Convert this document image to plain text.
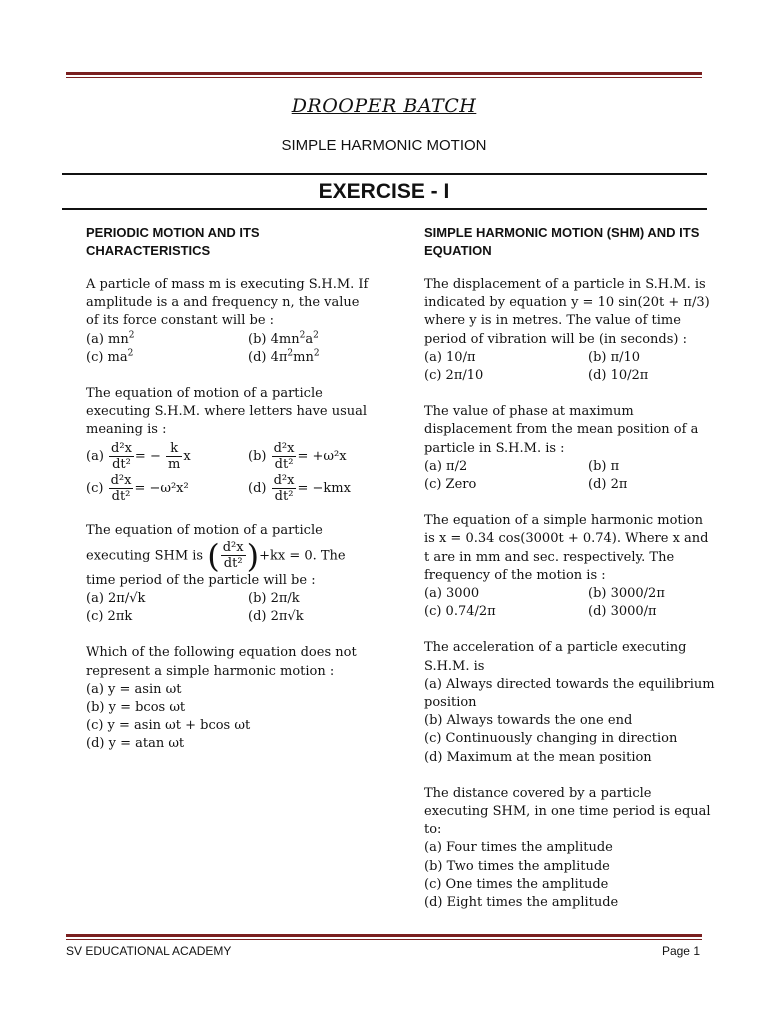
DROOPER BATCH
SIMPLE HARMONIC MOTION
EXERCISE - I
PERIODIC MOTION AND ITS CHARACTERISTICS
A particle of mass m is executing S.H.M. If amplitude is a and frequency n, the value of its force constant will be :
(a) $mn^2$	(b) $4mn^2a^2$
(c) $ma^2$	(d) $4\pi^2mn^2$
The equation of motion of a particle executing S.H.M. where letters have usual meaning is :
$(a) \frac{\text{d²x}}{\text{dt²}}$ = − $\frac{k}{m}$ x	$(b) \frac{\text{d²x}}{\text{dt²}} = +\omega^2x$
$(c) \frac{\text{d²x}}{\text{dt²}} = -\omega^2x^2$	$(d) \frac{\text{d²x}}{\text{dt²}} = -kmx$
The equation of motion of a particle
executing SHM is ( $\frac{\text{d²x}}{\text{dt²}} )+kx = 0$. The
time period of the particle will be :
(a) 2π/√k	(b) 2π/k
(c) 2πk	(d) 2π√k
Which of the following equation does not represent a simple harmonic motion :
(a) y = asin ωt
(b) y = bcos ωt
(c) y = asin ωt + bcos ωt
(d) y = atan ωt
SIMPLE HARMONIC MOTION (SHM) AND ITS EQUATION
The displacement of a particle in S.H.M. is indicated by equation y = 10 sin(20t + π/3) where y is in metres. The value of time period of vibration will be (in seconds) :
(a) 10/π	(b) π/10
(c) 2π/10	(d) 10/2π
The value of phase at maximum displacement from the mean position of a particle in S.H.M. is :
(a) π/2	(b) π
(c) Zero	(d) 2π
The equation of a simple harmonic motion is x = 0.34 cos(3000t + 0.74). Where x and t are in mm and sec. respectively. The frequency of the motion is :
(a) 3000	(b) 3000/2π
(c) 0.74/2π	(d) 3000/π
The acceleration of a particle executing S.H.M. is
(a) Always directed towards the equilibrium position
(b) Always towards the one end
(c) Continuously changing in direction
(d) Maximum at the mean position
The distance covered by a particle executing SHM, in one time period is equal to:
(a) Four times the amplitude
(b) Two times the amplitude
(c) One times the amplitude
(d) Eight times the amplitude
SV EDUCATIONAL ACADEMY	Page 1
